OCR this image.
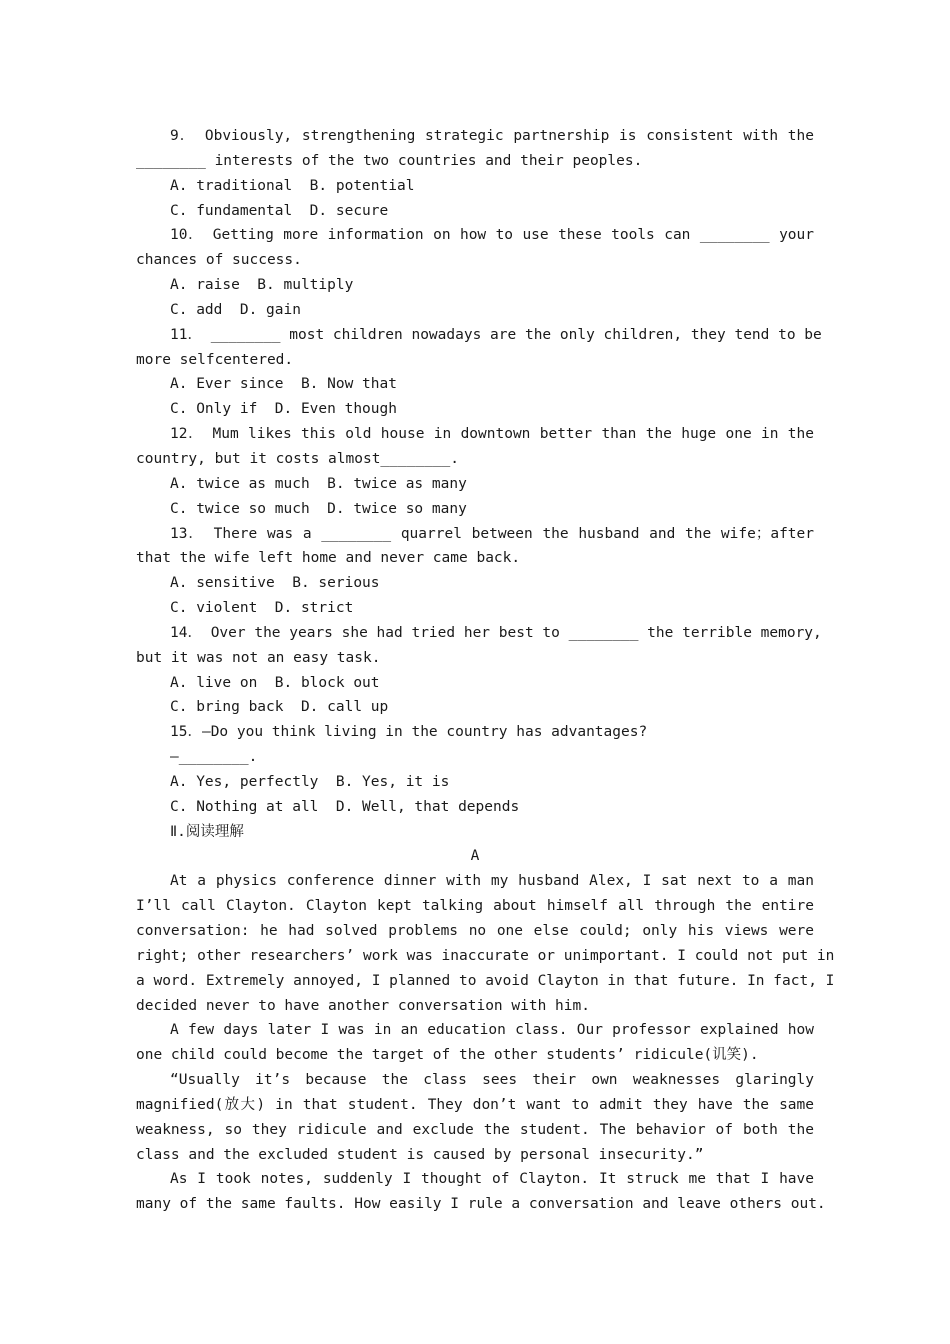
9． Obviously, strengthening strategic partnership is consistent with the
________ interests of the two countries and their peoples.
A. traditional  B. potential
C. fundamental  D. secure
10． Getting more information on how to use these tools can ________ your
chances of success.
A. raise  B. multiply
C. add  D. gain
11． ________ most children nowadays are the only children, they tend to be
more selfcentered.
A. Ever since  B. Now that
C. Only if  D. Even though
12． Mum likes this old house in downtown better than the huge one in the
country, but it costs almost________.
A. twice as much  B. twice as many
C. twice so much  D. twice so many
13． There was a ________ quarrel between the husband and the wife；after
that the wife left home and never came back.
A. sensitive  B. serious
C. violent  D. strict
14． Over the years she had tried her best to ________ the terrible memory,
but it was not an easy task.
A. live on  B. block out
C. bring back  D. call up
15．—Do you think living in the country has advantages?
—________.
A. Yes, perfectly  B. Yes, it is
C. Nothing at all  D. Well, that depends
Ⅱ.阅读理解
A
At a physics conference dinner with my husband Alex, I sat next to a man
I’ll call Clayton. Clayton kept talking about himself all through the entire
conversation: he had solved problems no one else could; only his views were
right; other researchers’ work was inaccurate or unimportant. I could not put in
a word. Extremely annoyed, I planned to avoid Clayton in that future. In fact, I
decided never to have another conversation with him.
A few days later I was in an education class. Our professor explained how
one child could become the target of the other students’ ridicule(讥笑).
“Usually it’s because the class sees their own weaknesses glaringly
magnified(放大) in that student. They don’t want to admit they have the same
weakness, so they ridicule and exclude the student. The behavior of both the
class and the excluded student is caused by personal insecurity.”
As I took notes, suddenly I thought of Clayton. It struck me that I have
many of the same faults. How easily I rule a conversation and leave others out.
